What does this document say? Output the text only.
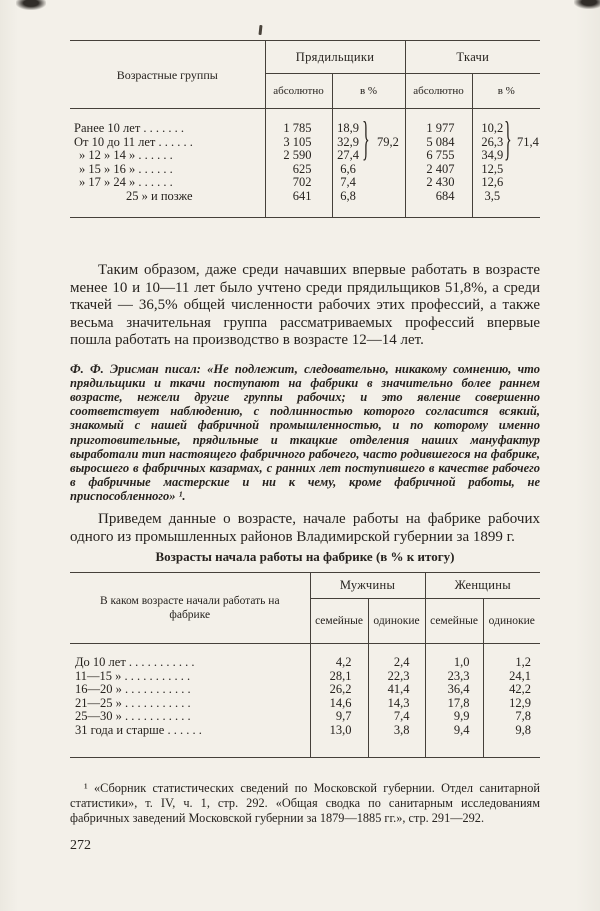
Возрастные группы	Прядильщики		Ткачи	
	абсолютно	в %	абсолютно	в %
Ранее 10 лет . . . . . . .	1 785	18,9	1 977	10,2
От 10 до 11 лет . . . . . .	3 105	32,9	5 084	26,3
» 12 » 14 » . . . . . .	2 590	27,4	6 755	34,9
» 15 » 16 » . . . . . .	625	6,6	2 407	12,5
» 17 » 24 » . . . . . .	702	7,4	2 430	12,6
25 » и позже	641	6,8	684	3,5
} 79,2	} 71,4

Таким образом, даже среди начавших впервые работать в возрасте менее 10 и 10—11 лет было учтено среди прядильщиков 51,8%, а среди ткачей — 36,5% общей численности рабочих этих профессий, а также весьма значительная группа рассматриваемых профессий впервые пошла работать на производство в возрасте 12—14 лет.

Ф. Ф. Эрисман писал: «Не подлежит, следовательно, никакому сомнению, что прядильщики и ткачи поступают на фабрики в значительно более раннем возрасте, нежели другие группы рабочих; и это явление совершенно соответствует наблюдению, с подлинностью которого согласится всякий, знакомый с нашей фабричной промышленностью, и по которому именно приготовительные, прядильные и ткацкие отделения наших мануфактур выработали тип настоящего фабричного рабочего, часто родившегося на фабрике, выросшего в фабричных казармах, с ранних лет поступившего в качестве рабочего в фабричные мастерские и ни к чему, кроме фабричной работы, не приспособленного» ¹.

Приведем данные о возрасте, начале работы на фабрике рабочих одного из промышленных районов Владимирской губернии за 1899 г.

Возрасты начала работы на фабрике (в % к итогу)
В каком возрасте начали работать на фабрике	Мужчины		Женщины	
	семейные	одинокие	семейные	одинокие
До 10 лет . . . . . . . . . . .	4,2	2,4	1,0	1,2
11—15 » . . . . . . . . . . .	28,1	22,3	23,3	24,1
16—20 » . . . . . . . . . . .	26,2	41,4	36,4	42,2
21—25 » . . . . . . . . . . .	14,6	14,3	17,8	12,9
25—30 » . . . . . . . . . . .	9,7	7,4	9,9	7,8
31 года и старше . . . . . .	13,0	3,8	9,4	9,8

¹ «Сборник статистических сведений по Московской губернии. Отдел санитарной статистики», т. IV, ч. 1, стр. 292. «Общая сводка по санитарным исследованиям фабричных заведений Московской губернии за 1879—1885 гг.», стр. 291—292.

272
